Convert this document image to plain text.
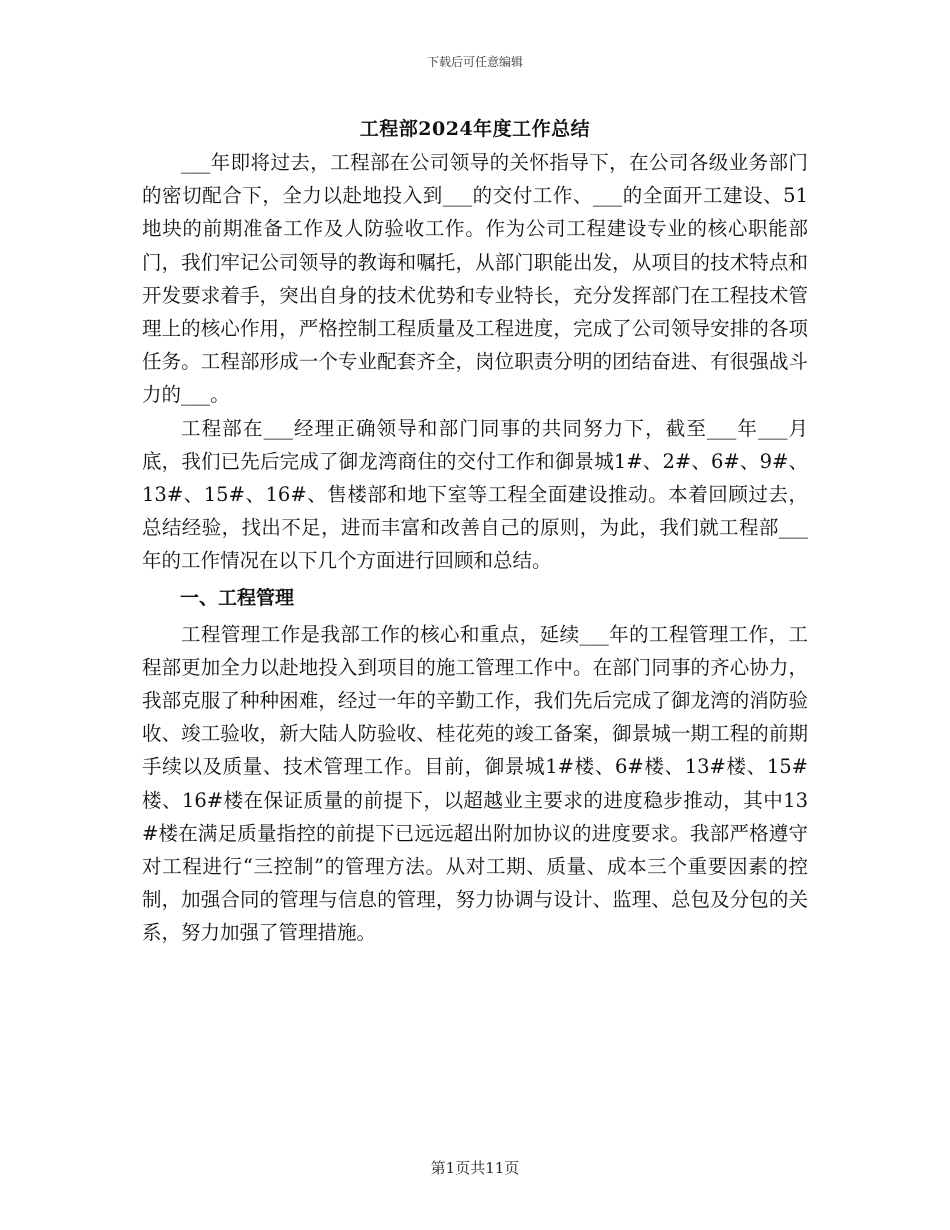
下载后可任意编辑
工程部2024年度工作总结

___年即将过去，工程部在公司领导的关怀指导下，在公司各级业务部门的密切配合下，全力以赴地投入到___的交付工作、___的全面开工建设、51地块的前期准备工作及人防验收工作。作为公司工程建设专业的核心职能部门，我们牢记公司领导的教诲和嘱托，从部门职能出发，从项目的技术特点和开发要求着手，突出自身的技术优势和专业特长，充分发挥部门在工程技术管理上的核心作用，严格控制工程质量及工程进度，完成了公司领导安排的各项任务。工程部形成一个专业配套齐全，岗位职责分明的团结奋进、有很强战斗力的___。

工程部在___经理正确领导和部门同事的共同努力下，截至___年___月底，我们已先后完成了御龙湾商住的交付工作和御景城1#、2#、6#、9#、13#、15#、16#、售楼部和地下室等工程全面建设推动。本着回顾过去，总结经验，找出不足，进而丰富和改善自己的原则，为此，我们就工程部___年的工作情况在以下几个方面进行回顾和总结。

一、工程管理

工程管理工作是我部工作的核心和重点，延续___年的工程管理工作，工程部更加全力以赴地投入到项目的施工管理工作中。在部门同事的齐心协力，我部克服了种种困难，经过一年的辛勤工作，我们先后完成了御龙湾的消防验收、竣工验收，新大陆人防验收、桂花苑的竣工备案，御景城一期工程的前期手续以及质量、技术管理工作。目前，御景城1#楼、6#楼、13#楼、15#楼、16#楼在保证质量的前提下，以超越业主要求的进度稳步推动，其中13#楼在满足质量指控的前提下已远远超出附加协议的进度要求。我部严格遵守对工程进行“三控制”的管理方法。从对工期、质量、成本三个重要因素的控制，加强合同的管理与信息的管理，努力协调与设计、监理、总包及分包的关系，努力加强了管理措施。

第1页共11页
